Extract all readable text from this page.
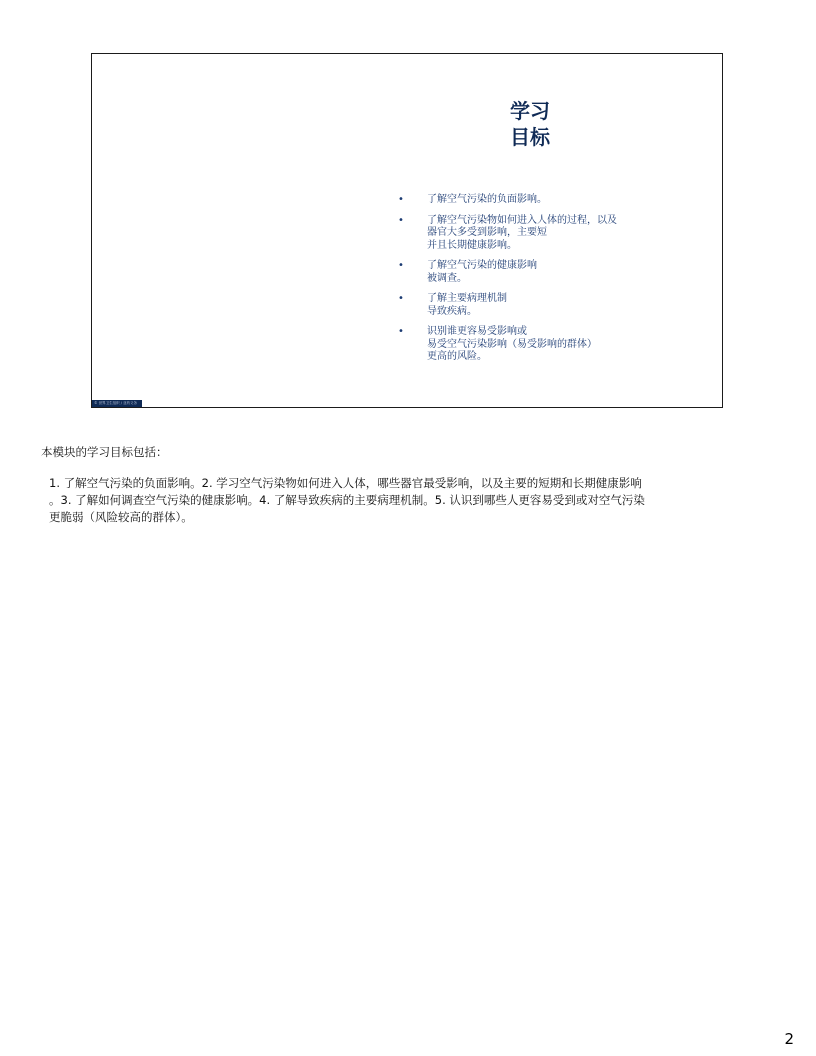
学习
目标
• 了解空气污染的负面影响。
• 了解空气污染物如何进入人体的过程，以及
器官大多受到影响，主要短
并且长期健康影响。
• 了解空气污染的健康影响
被调查。
• 了解主要病理机制
导致疾病。
• 识别谁更容易受影响或
易受空气污染影响（易受影响的群体）
更高的风险。
© 世界卫生组织 / 亚药义务
本模块的学习目标包括：
1. 了解空气污染的负面影响。2. 学习空气污染物如何进入人体，哪些器官最受影响，以及主要的短期和长期健康影响
。3. 了解如何调查空气污染的健康影响。4. 了解导致疾病的主要病理机制。5. 认识到哪些人更容易受到或对空气污染
更脆弱（风险较高的群体）。
2
